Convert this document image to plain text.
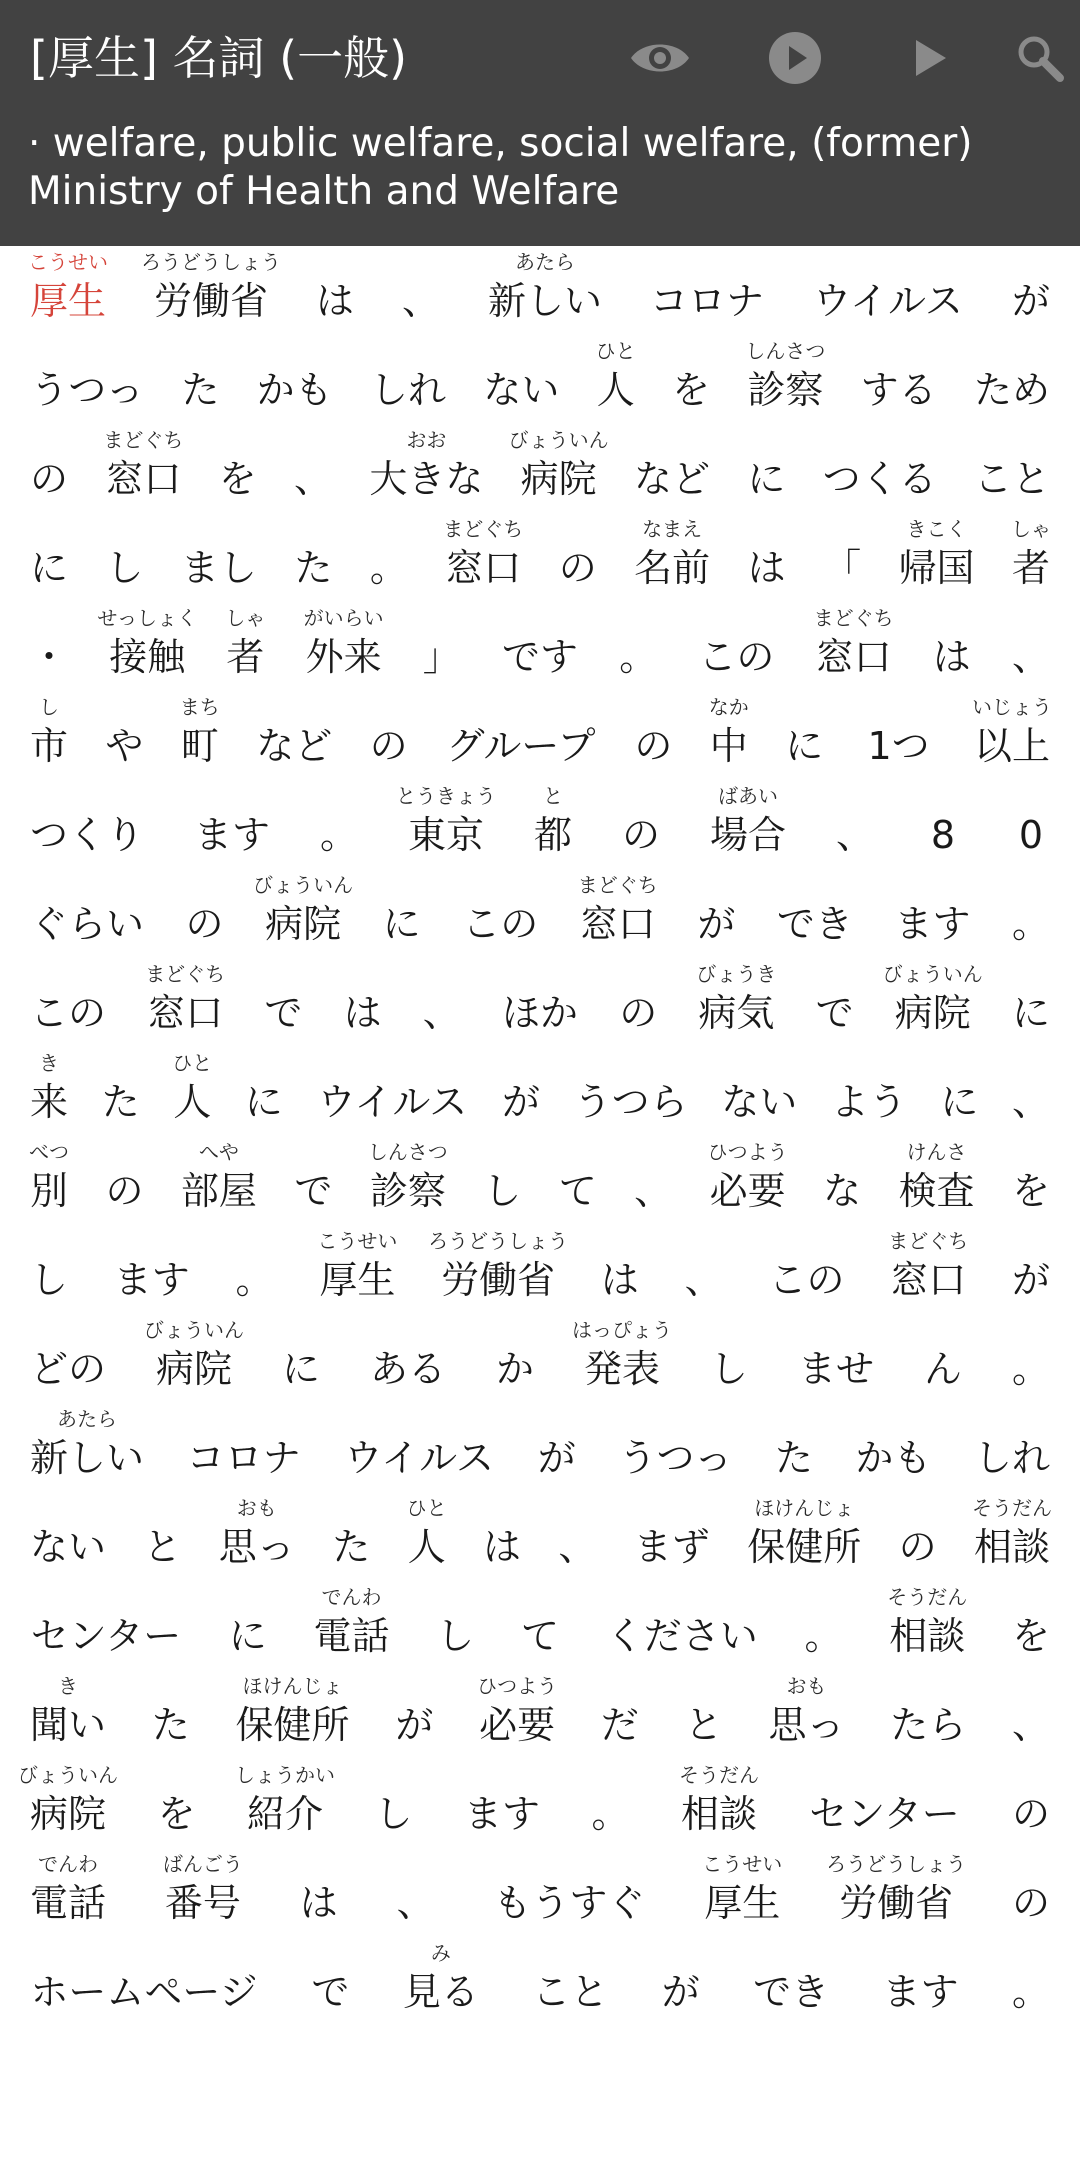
[厚生] 名詞 (一般)
· welfare, public welfare, social welfare, (former) Ministry of Health and Welfare
こうせい
厚生
ろうどうしょう
労働省 は 、
あたら
新しい コロナ ウイルス が
うつっ た かも しれ ない
ひと
人 を
しんさつ
診察 する ため
の
まどぐち
窓口 を 、
おお
大きな
びょういん
病院 など に つくる こと
に し まし た 。
まどぐち
窓口 の
なまえ
名前 は 「
きこく
帰国
しゃ
者
・
せっしょく
接触
しゃ
者
がいらい
外来 」 です 。 この
まどぐち
窓口 は 、
し
市 や
まち
町 など の グループ の
なか
中 に 1つ
いじょう
以上
つくり ます 。
とうきょう
東京
と
都 の
ばあい
場合 、 8 0
ぐらい の
びょういん
病院 に この
まどぐち
窓口 が でき ます 。
この
まどぐち
窓口 で は 、 ほか の
びょうき
病気 で
びょういん
病院 に
き
来 た
ひと
人 に ウイルス が うつら ない よう に 、
べつ
別 の
へや
部屋 で
しんさつ
診察 し て 、
ひつよう
必要 な
けんさ
検査 を
し ます 。
こうせい
厚生
ろうどうしょう
労働省 は 、 この
まどぐち
窓口 が
どの
びょういん
病院 に ある か
はっぴょう
発表 し ませ ん 。
あたら
新しい コロナ ウイルス が うつっ た かも しれ
ない と
おも
思っ た
ひと
人 は 、 まず
ほけんじょ
保健所 の
そうだん
相談
センター に
でんわ
電話 し て ください 。
そうだん
相談 を
き
聞い た
ほけんじょ
保健所 が
ひつよう
必要 だ と
おも
思っ たら 、
びょういん
病院 を
しょうかい
紹介 し ます 。
そうだん
相談 センター の
でんわ
電話
ばんごう
番号 は 、 もうすぐ
こうせい
厚生
ろうどうしょう
労働省 の
ホームページ で
み
見る こと が でき ます 。
